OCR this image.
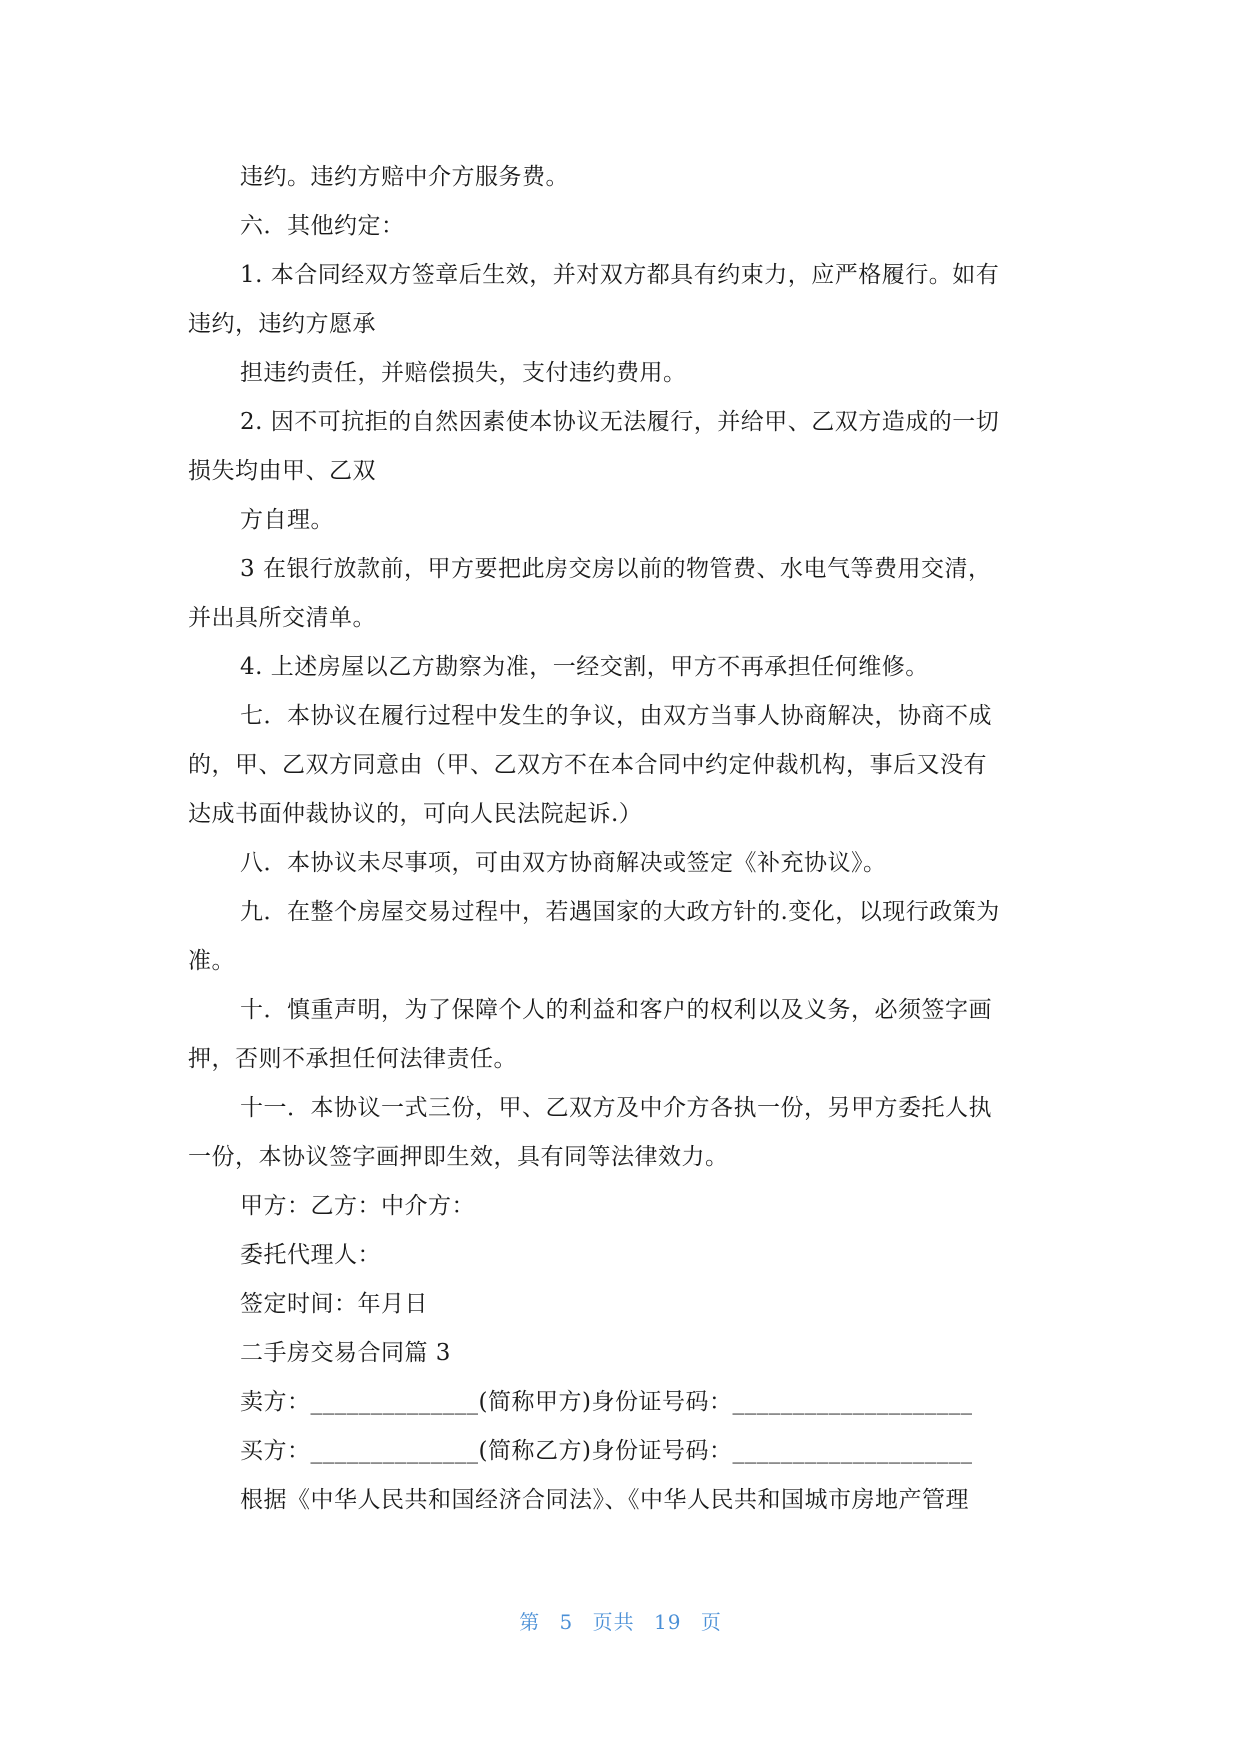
违约。违约方赔中介方服务费。
六．其他约定：
1. 本合同经双方签章后生效，并对双方都具有约束力，应严格履行。如有
违约，违约方愿承
担违约责任，并赔偿损失，支付违约费用。
2. 因不可抗拒的自然因素使本协议无法履行，并给甲、乙双方造成的一切
损失均由甲、乙双
方自理。
3 在银行放款前，甲方要把此房交房以前的物管费、水电气等费用交清，
并出具所交清单。
4. 上述房屋以乙方勘察为准，一经交割，甲方不再承担任何维修。
七．本协议在履行过程中发生的争议，由双方当事人协商解决，协商不成
的，甲、乙双方同意由（甲、乙双方不在本合同中约定仲裁机构，事后又没有
达成书面仲裁协议的，可向人民法院起诉.）
八．本协议未尽事项，可由双方协商解决或签定《补充协议》。
九．在整个房屋交易过程中，若遇国家的大政方针的.变化，以现行政策为
准。
十．慎重声明，为了保障个人的利益和客户的权利以及义务，必须签字画
押，否则不承担任何法律责任。
十一．本协议一式三份，甲、乙双方及中介方各执一份，另甲方委托人执
一份，本协议签字画押即生效，具有同等法律效力。
甲方：乙方：中介方：
委托代理人：
签定时间：年月日
二手房交易合同篇 3
卖方：______________(简称甲方)身份证号码：____________________
买方：______________(简称乙方)身份证号码：____________________
根据《中华人民共和国经济合同法》、《中华人民共和国城市房地产管理
第 5 页共 19 页
